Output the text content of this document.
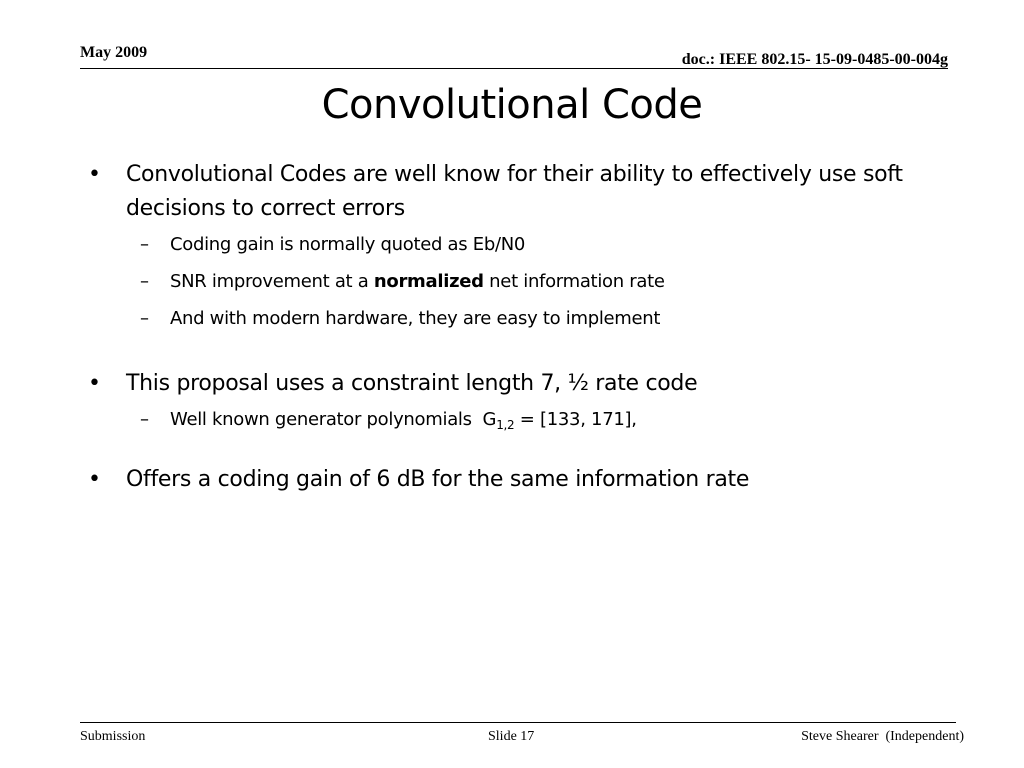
May 2009	doc.: IEEE 802.15- 15-09-0485-00-004g
Convolutional Code
• Convolutional Codes are well know for their ability to effectively use soft decisions to correct errors
– Coding gain is normally quoted as Eb/N0
– SNR improvement at a normalized net information rate
– And with modern hardware, they are easy to implement
• This proposal uses a constraint length 7, ½ rate code
– Well known generator polynomials  $G_{1,2} = [133$, 171],
• Offers a coding gain of 6 dB for the same information rate
Submission	Slide 17	Steve Shearer  (Independent)
